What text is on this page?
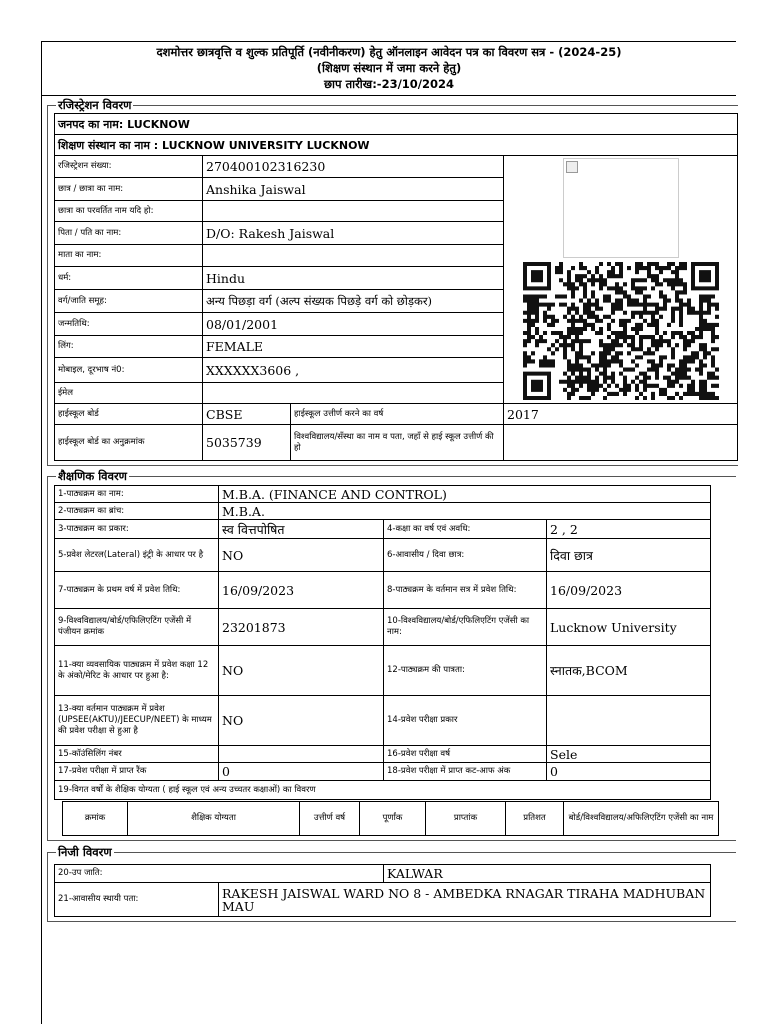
दशमोत्तर छात्रवृत्ति व शुल्क प्रतिपूर्ति (नवीनीकरण) हेतु ऑनलाइन आवेदन पत्र का विवरण सत्र - (2024-25)
(शिक्षण संस्थान में जमा करने हेतु)
छाप तारीख:-23/10/2024
रजिस्ट्रेशन विवरण
जनपद का नाम: LUCKNOW			
शिक्षण संस्थान का नाम : LUCKNOW UNIVERSITY LUCKNOW			
रजिस्ट्रेशन संख्या:	270400102316230	

छात्र / छात्रा का नाम:	Anshika Jaiswal		
छात्रा का परवर्तित नाम यदि हो:			
पिता / पति का नाम:	D/O: Rakesh Jaiswal		
माता का नाम:			
धर्म:	Hindu		
वर्ग/जाति समूह:	अन्य पिछड़ा वर्ग (अल्प संख्यक पिछड़े वर्ग को छोड़कर)		
जन्मतिथि:	08/01/2001		
लिंग:	FEMALE		
मोबाइल, दूरभाष नं0:	XXXXXX3606 ,		
ईमेल			
हाईस्कूल बोर्ड	CBSE	हाईस्कूल उत्तीर्ण करने का वर्ष	2017
हाईस्कूल बोर्ड का अनुक्रमांक	5035739	विश्वविद्यालय/सँस्था का नाम व पता, जहाँ से हाई स्कूल उत्तीर्ण की हो	
शैक्षणिक विवरण
1-पाठ्यक्रम का नाम:	M.B.A. (FINANCE AND CONTROL)		
2-पाठ्यक्रम का ब्रांच:	M.B.A.		
3-पाठ्यक्रम का प्रकार:	स्व वित्तपोषित	4-कक्षा का वर्ष एवं अवधि:	2 , 2
5-प्रवेश लेटरल(Lateral) इंट्री के आधार पर है	NO	6-आवासीय / दिवा छात्र:	दिवा छात्र
7-पाठ्यक्रम के प्रथम वर्ष में प्रवेश तिथि:	16/09/2023	8-पाठ्यक्रम के वर्तमान सत्र में प्रवेश तिथि:	16/09/2023
9-विश्वविद्यालय/बोर्ड/एफिलिएटिंग एजेंसी में पंजीयन क्रमांक	23201873	10-विश्वविद्यालय/बोर्ड/एफिलिएटिंग एजेंसी का नाम:	Lucknow University
11-क्या व्यवसायिक पाठ्यक्रम में प्रवेश कक्षा 12 के अंको/मेरिट के आधार पर हुआ है:	NO	12-पाठ्यक्रम की पात्रता:	स्नातक,BCOM
13-क्या वर्तमान पाठ्यक्रम में प्रवेश (UPSEE(AKTU)/JEECUP/NEET) के माध्यम की प्रवेश परीक्षा से हुआ है	NO	14-प्रवेश परीक्षा प्रकार	
15-कॉउंसिलिंग नंबर		16-प्रवेश परीक्षा वर्ष	Sele
17-प्रवेश परीक्षा में प्राप्त रैंक	0	18-प्रवेश परीक्षा में प्राप्त कट-आफ अंक	0
19-विगत वर्षों के शैक्षिक योग्यता ( हाई स्कूल एवं अन्य उच्चतर कक्षाओं) का विवरण			
क्रमांक	शैक्षिक योग्यता	उत्तीर्ण वर्ष	पूर्णांक	प्राप्तांक	प्रतिशत	बोर्ड/विश्वविद्यालय/अफिलिएटिंग एजेंसी का नाम
निजी विवरण
20-उप जाति:		KALWAR
21-आवासीय स्थायी पता:	RAKESH JAISWAL WARD NO 8 - AMBEDKA RNAGAR TIRAHA MADHUBAN MAU	
